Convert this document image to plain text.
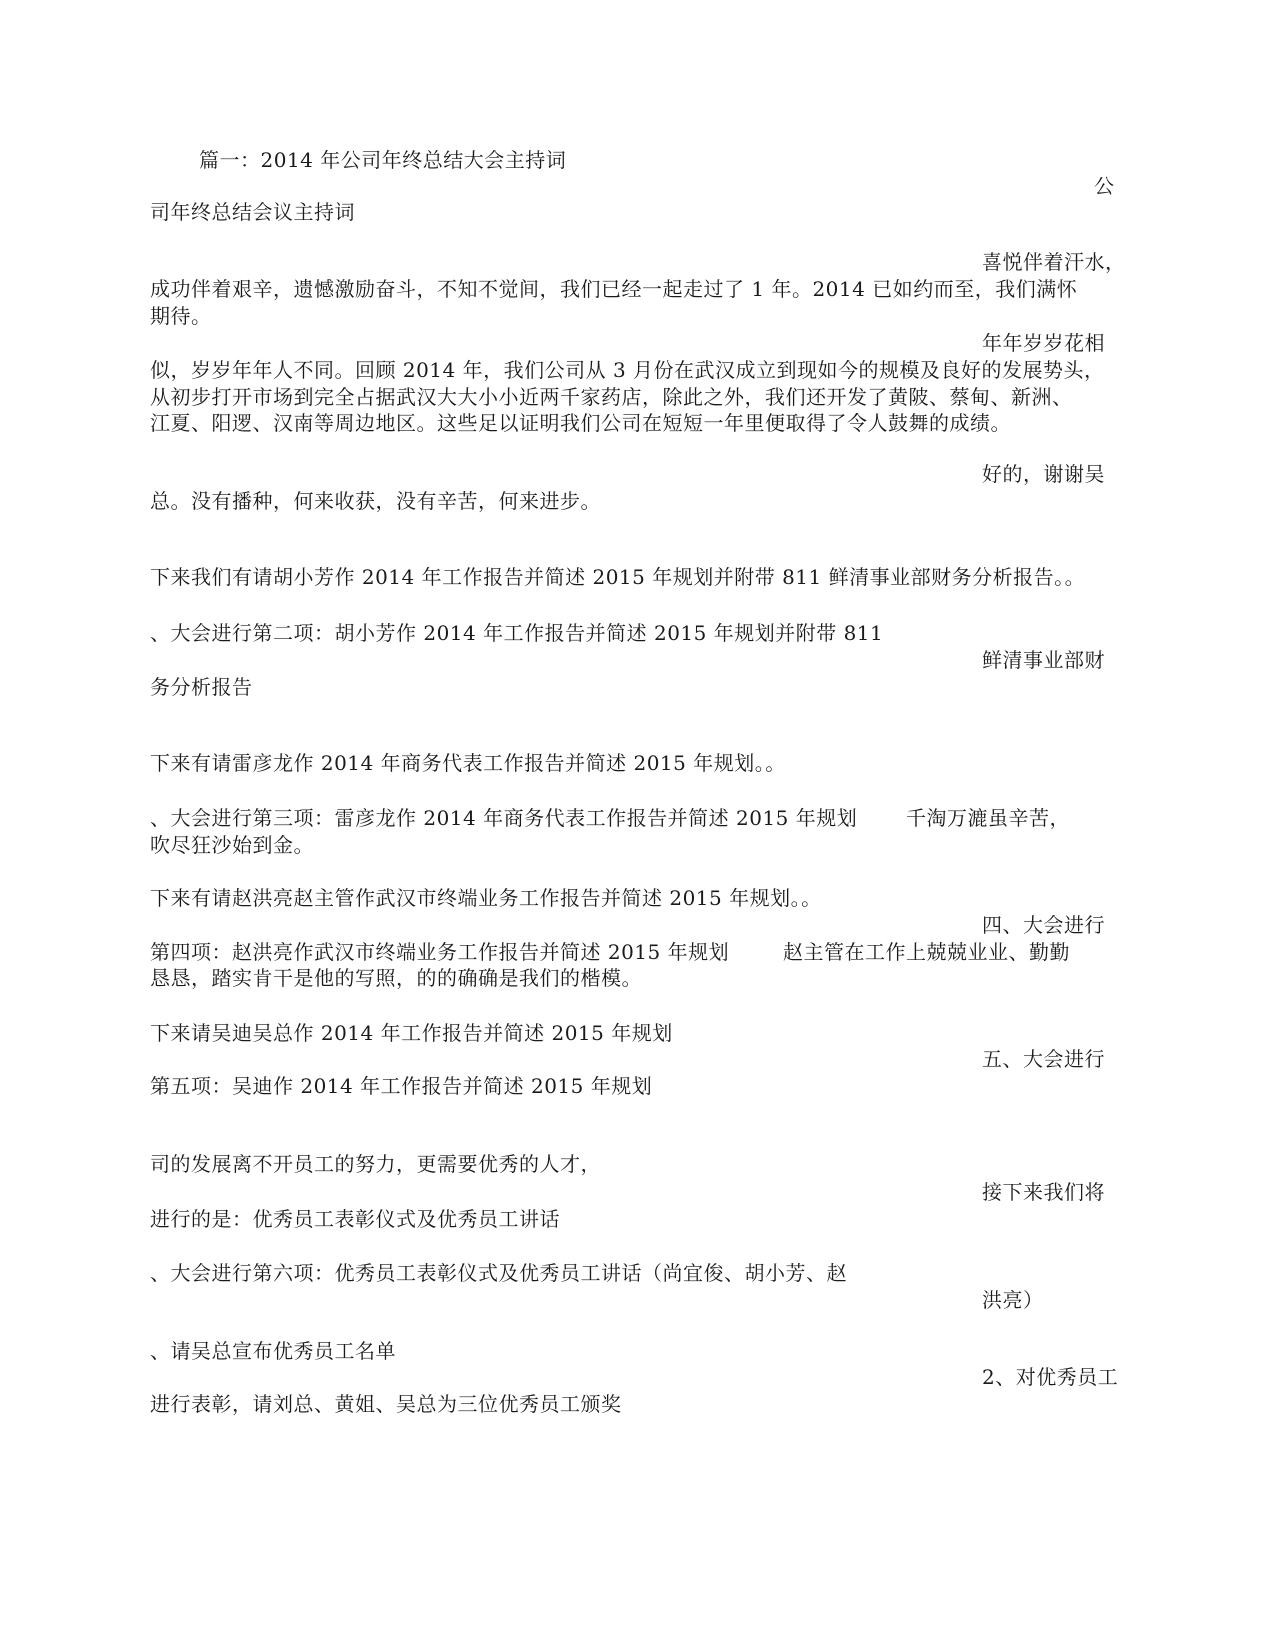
篇一：2014 年公司年终总结大会主持词
公
司年终总结会议主持词
喜悦伴着汗水，
成功伴着艰辛，遗憾激励奋斗，不知不觉间，我们已经一起走过了 1 年。2014 已如约而至，我们满怀
期待。
年年岁岁花相
似，岁岁年年人不同。回顾 2014 年，我们公司从 3 月份在武汉成立到现如今的规模及良好的发展势头，
从初步打开市场到完全占据武汉大大小小近两千家药店，除此之外，我们还开发了黄陂、蔡甸、新洲、
江夏、阳逻、汉南等周边地区。这些足以证明我们公司在短短一年里便取得了令人鼓舞的成绩。
好的，谢谢吴
总。没有播种，何来收获，没有辛苦，何来进步。
下来我们有请胡小芳作 2014 年工作报告并简述 2015 年规划并附带 811 鲜清事业部财务分析报告。。
、大会进行第二项：胡小芳作 2014 年工作报告并简述 2015 年规划并附带 811
鲜清事业部财
务分析报告
下来有请雷彦龙作 2014 年商务代表工作报告并简述 2015 年规划。。
、大会进行第三项：雷彦龙作 2014 年商务代表工作报告并简述 2015 年规划 千淘万漉虽辛苦，
吹尽狂沙始到金。
下来有请赵洪亮赵主管作武汉市终端业务工作报告并简述 2015 年规划。。
四、大会进行
第四项：赵洪亮作武汉市终端业务工作报告并简述 2015 年规划	赵主管在工作上兢兢业业、勤勤
恳恳，踏实肯干是他的写照，的的确确是我们的楷模。
下来请吴迪吴总作 2014 年工作报告并简述 2015 年规划
五、大会进行
第五项：吴迪作 2014 年工作报告并简述 2015 年规划
司的发展离不开员工的努力，更需要优秀的人才，
接下来我们将
进行的是：优秀员工表彰仪式及优秀员工讲话
、大会进行第六项：优秀员工表彰仪式及优秀员工讲话（尚宜俊、胡小芳、赵
洪亮）
、请吴总宣布优秀员工名单
2、对优秀员工
进行表彰，请刘总、黄姐、吴总为三位优秀员工颁奖
